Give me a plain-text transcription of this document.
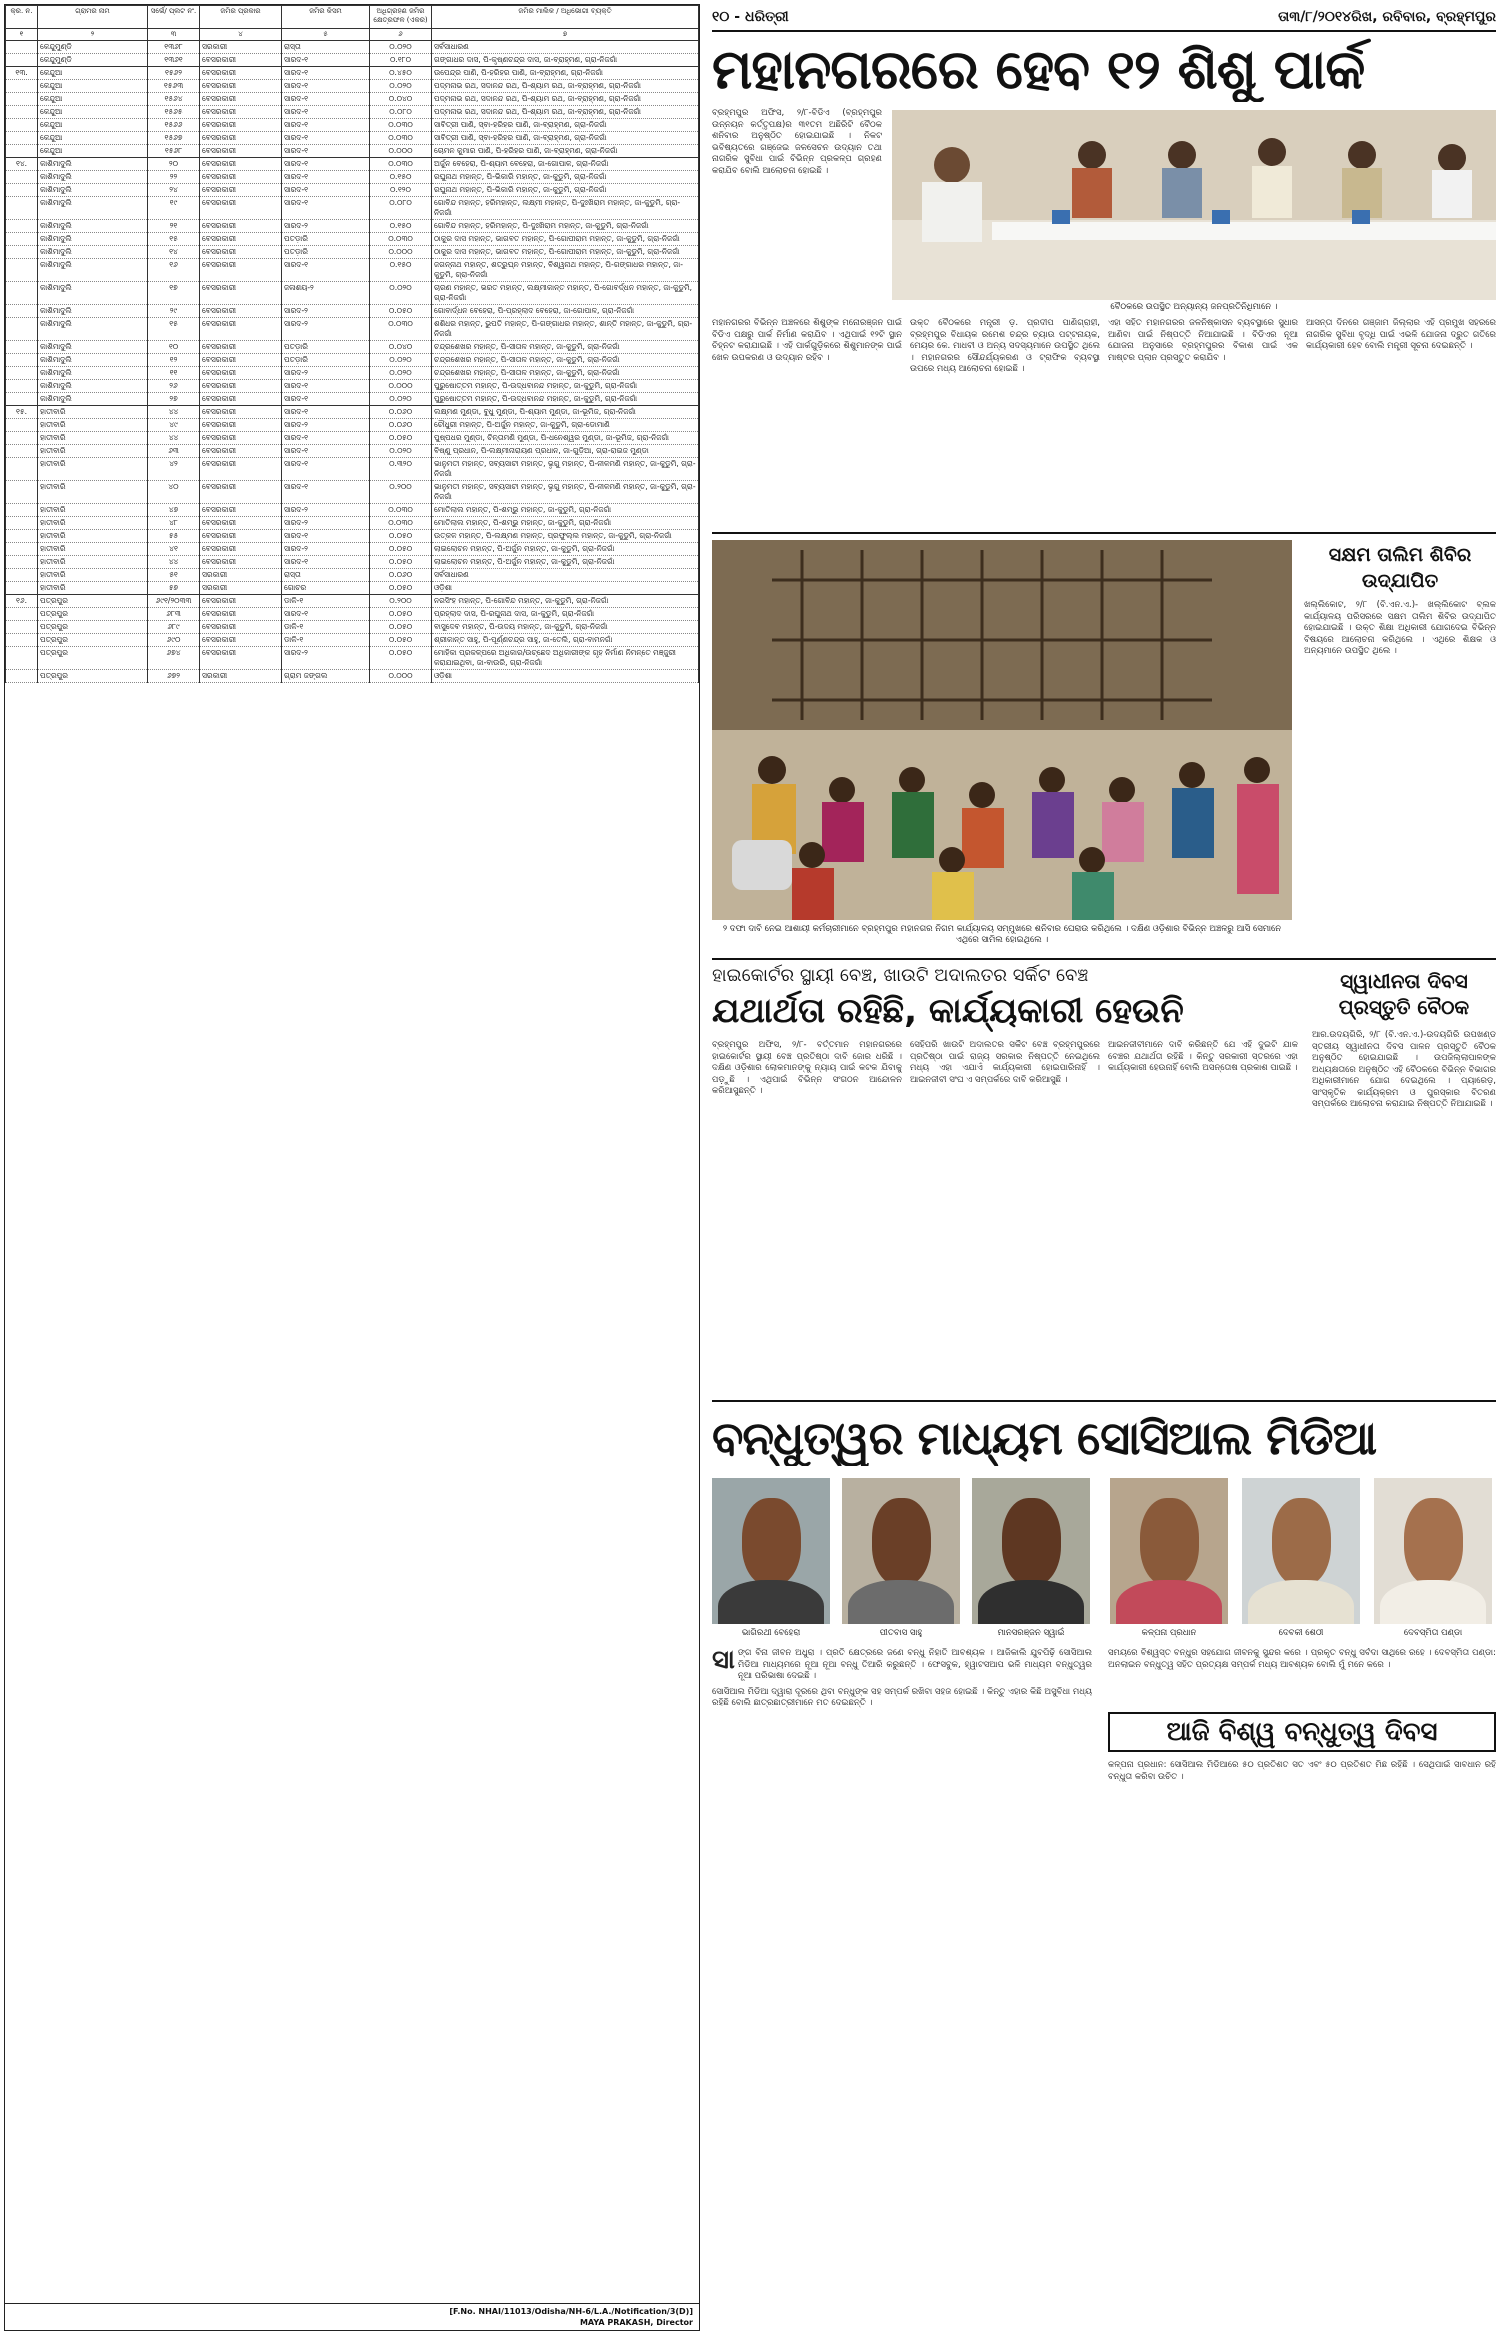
କ୍ର. ନ.	ଗ୍ରାମର ନାମ	ସର୍ଭେ/ ପ୍ଲଟ ନଂ.	ଜମିର ପ୍ରକାର	ଜମିର କିସମ	ଅଧିଗ୍ରହଣ ଜମିର କ୍ଷେତ୍ରଫଳ (ଏକର)	ଜମିର ମାଲିକ / ଅଧିଭୋଗୀ ବ୍ୟକ୍ତି
୧	୨	୩	୪	୫	୬	୭
	କେନ୍ଦୁମୁଣ୍ଡି	୧୩୬୮	ସରକାରୀ	ରାସ୍ତା	୦.୦୨୦	ସର୍ବସାଧାରଣ
	କେନ୍ଦୁମୁଣ୍ଡି	୧୩୬୧	ବେସରକାରୀ	ସାରଦ-୧	୦.୧୮୦	ଗଙ୍ଗାଧର ଦାସ, ପି-କୃଷ୍ଣଚନ୍ଦ୍ର ଦାସ, ଜା-ବ୍ରାହ୍ମଣ, ଗ୍ରା-ନିଜଗାଁ
୧୩.	କେନ୍ଦୁଆ	୧୫୬୨	ବେସରକାରୀ	ସାରଦ-୧	୦.୪୫୦	ଉପେନ୍ଦ୍ର ପାଣି, ପି-ହରିହର ପାଣି, ଜା-ବ୍ରାହ୍ମଣ, ଗ୍ରା-ନିଜଗାଁ
	କେନ୍ଦୁଆ	୧୫୬୩	ବେସରକାରୀ	ସାରଦ-୧	୦.୦୨୦	ପଦ୍ମନାଭ ରଥ, ସଦାନନ୍ଦ ରଥ, ପି-ଶ୍ୟାମ ରଥ, ଜା-ବ୍ରାହ୍ମଣ, ଗ୍ରା-ନିଜଗାଁ
	କେନ୍ଦୁଆ	୧୫୬୪	ବେସରକାରୀ	ସାରଦ-୧	୦.୦୪୦	ପଦ୍ମନାଭ ରଥ, ସଦାନନ୍ଦ ରଥ, ପି-ଶ୍ୟାମ ରଥ, ଜା-ବ୍ରାହ୍ମଣ, ଗ୍ରା-ନିଜଗାଁ
	କେନ୍ଦୁଆ	୧୫୬୫	ବେସରକାରୀ	ସାରଦ-୧	୦.୦୮୦	ପଦ୍ମନାଭ ରଥ, ସଦାନନ୍ଦ ରଥ, ପି-ଶ୍ୟାମ ରଥ, ଜା-ବ୍ରାହ୍ମଣ, ଗ୍ରା-ନିଜଗାଁ
	କେନ୍ଦୁଆ	୧୫୬୬	ବେସରକାରୀ	ସାରଦ-୧	୦.୦୩୦	ସାବିତ୍ରୀ ପାଣି, ସ୍ବା-ହରିହର ପାଣି, ଜା-ବ୍ରାହ୍ମଣ, ଗ୍ରା-ନିଜଗାଁ
	କେନ୍ଦୁଆ	୧୫୬୭	ବେସରକାରୀ	ସାରଦ-୧	୦.୦୩୦	ସାବିତ୍ରୀ ପାଣି, ସ୍ବା-ହରିହର ପାଣି, ଜା-ବ୍ରାହ୍ମଣ, ଗ୍ରା-ନିଜଗାଁ
	କେନ୍ଦୁଆ	୧୫୬୮	ବେସରକାରୀ	ସାରଦ-୧	୦.୦୦୦	ଚୋମନ କୁମାର ପାଣି, ପି-ହରିହର ପାଣି, ଜା-ବ୍ରାହ୍ମଣ, ଗ୍ରା-ନିଜଗାଁ
୧୪.	କାଶିମାଦୁଲି	୨୦	ବେସରକାରୀ	ସାରଦ-୧	୦.୦୩୦	ଅର୍ଜୁନ ବେହେରା, ପି-ଶ୍ୟାମ ବେହେରା, ଜା-ଗୋପାଳ, ଗ୍ରା-ନିଜଗାଁ
	କାଶିମାଦୁଲି	୨୨	ବେସରକାରୀ	ସାରଦ-୧	୦.୧୫୦	ରଘୁନାଥ ମହାନ୍ତ, ପି-ଭିକାରି ମହାନ୍ତ, ଜା-କୁଡୁମି, ଗ୍ରା-ନିଜଗାଁ
	କାଶିମାଦୁଲି	୨୪	ବେସରକାରୀ	ସାରଦ-୧	୦.୧୨୦	ରଘୁନାଥ ମହାନ୍ତ, ପି-ଭିକାରି ମହାନ୍ତ, ଜା-କୁଡୁମି, ଗ୍ରା-ନିଜଗାଁ
	କାଶିମାଦୁଲି	୧୯	ବେସରକାରୀ	ସାରଦ-୧	୦.୦୮୦	ଗୋବିନ୍ଦ ମହାନ୍ତ, ହରିମହାନ୍ତ, ଲକ୍ଷ୍ମୀ ମହାନ୍ତ, ପି-ଦୁଃଖିରାମ ମହାନ୍ତ, ଜା-କୁଡୁମି, ଗ୍ରା-ନିଜଗାଁ
	କାଶିମାଦୁଲି	୨୧	ବେସରକାରୀ	ସାରଦ-୨	୦.୧୫୦	ଗୋବିନ୍ଦ ମହାନ୍ତ, ହରିମହାନ୍ତ, ପି-ଦୁଃଖିରାମ ମହାନ୍ତ, ଜା-କୁଡୁମି, ଗ୍ରା-ନିଜଗାଁ
	କାଶିମାଦୁଲି	୧୫	ବେସରକାରୀ	ପତଡ଼ାରି	୦.୦୩୦	ଠାକୁର ଦାସ ମହାନ୍ତ, ଭାଗବତ ମହାନ୍ତ, ପି-ଗୋପୀରାମ ମହାନ୍ତ, ଜା-କୁଡୁମି, ଗ୍ରା-ନିଜଗାଁ
	କାଶିମାଦୁଲି	୧୪	ବେସରକାରୀ	ପତଡ଼ାରି	୦.୦୦୦	ଠାକୁର ଦାସ ମହାନ୍ତ, ଭାଗବତ ମହାନ୍ତ, ପି-ଗୋପୀରାମ ମହାନ୍ତ, ଜା-କୁଡୁମି, ଗ୍ରା-ନିଜଗାଁ
	କାଶିମାଦୁଲି	୧୬	ବେସରକାରୀ	ସାରଦ-୧	୦.୧୫୦	ଜଗନ୍ନାଥ ମହାନ୍ତ, ଶତ୍ରୁଘ୍ନ ମହାନ୍ତ, ବିଶ୍ୱନାଥ ମହାନ୍ତ, ପି-ଗଙ୍ଗାଧର ମହାନ୍ତ, ଜା-କୁଡୁମି, ଗ୍ରା-ନିଜଗାଁ
	କାଶିମାଦୁଲି	୧୭	ବେସରକାରୀ	ଜଳାଶୟ-୨	୦.୦୨୦	ଚାରଣ ମହାନ୍ତ, ଭରତ ମହାନ୍ତ, ଲକ୍ଷ୍ମୀକାନ୍ତ ମହାନ୍ତ, ପି-ଗୋବର୍ଦ୍ଧନ ମହାନ୍ତ, ଜା-କୁଡୁମି, ଗ୍ରା-ନିଜଗାଁ
	କାଶିମାଦୁଲି	୨୯	ବେସରକାରୀ	ସାରଦ-୨	୦.୦୫୦	ଗୋବାର୍ଦ୍ଧନ ବେହେରା, ପି-ପ୍ରହ୍ଲାଦ ବେହେରା, ଜା-ଗୋପାଳ, ଗ୍ରା-ନିଜଗାଁ
	କାଶିମାଦୁଲି	୧୫	ବେସରକାରୀ	ସାରଦ-୨	୦.୦୩୦	ଶଶିଧର ମହାନ୍ତ, ଭୁପତି ମହାନ୍ତ, ପି-ଗଙ୍ଗାଧର ମହାନ୍ତ, ଶାନ୍ତି ମହାନ୍ତ, ଜା-କୁଡୁମି, ଗ୍ରା-ନିଜଗାଁ
	କାଶିମାଦୁଲି	୧୦	ବେସରକାରୀ	ପତଡ଼ାରି	୦.୦୪୦	ଚନ୍ଦ୍ରଶେଖର ମହାନ୍ତ, ପି-ସୀତାଳ ମହାନ୍ତ, ଜା-କୁଡୁମି, ଗ୍ରା-ନିଜଗାଁ
	କାଶିମାଦୁଲି	୧୨	ବେସରକାରୀ	ପତଡ଼ାରି	୦.୦୨୦	ଚନ୍ଦ୍ରଶେଖର ମହାନ୍ତ, ପି-ସୀତାଳ ମହାନ୍ତ, ଜା-କୁଡୁମି, ଗ୍ରା-ନିଜଗାଁ
	କାଶିମାଦୁଲି	୧୧	ବେସରକାରୀ	ସାରଦ-୨	୦.୦୨୦	ଚନ୍ଦ୍ରଶେଖର ମହାନ୍ତ, ପି-ସୀତାଳ ମହାନ୍ତ, ଜା-କୁଡୁମି, ଗ୍ରା-ନିଜଗାଁ
	କାଶିମାଦୁଲି	୨୬	ବେସରକାରୀ	ସାରଦ-୧	୦.୦୦୦	ପୁରୁଷୋତ୍ତମ ମହାନ୍ତ, ପି-ଉଦ୍ଧବାନନ୍ଦ ମହାନ୍ତ, ଜା-କୁଡୁମି, ଗ୍ରା-ନିଜଗାଁ
	କାଶିମାଦୁଲି	୨୭	ବେସରକାରୀ	ସାରଦ-୧	୦.୦୨୦	ପୁରୁଷୋତ୍ତମ ମହାନ୍ତ, ପି-ଉଦ୍ଧବାନନ୍ଦ ମହାନ୍ତ, ଜା-କୁଡୁମି, ଗ୍ରା-ନିଜଗାଁ
୧୫.	ହାତୀବାରି	୪୪	ବେସରକାରୀ	ସାରଦ-୧	୦.୦୬୦	ଲକ୍ଷ୍ମଣ ମୁଣ୍ଡା, ବୁଧୁ ମୁଣ୍ଡା, ପି-ଶ୍ୟାମ ମୁଣ୍ଡା, ଜା-ଭୂମିଜ, ଗ୍ରା-ନିଜଗାଁ
	ହାତୀବାରି	୪୯	ବେସରକାରୀ	ସାରଦ-୨	୦.୦୬୦	ଚୌଧୁରୀ ମହାନ୍ତ, ପି-ଅର୍ଜୁନ ମହାନ୍ତ, ଜା-କୁଡୁମି, ଗ୍ରା-ଡୋମାଣି
	ହାତୀବାରି	୪୪	ବେସରକାରୀ	ସାରଦ-୧	୦.୦୫୦	ପୁଷ୍ପଧର ମୁଣ୍ଡା, ଚିନ୍ତାମଣି ମୁଣ୍ଡା, ପି-ଧନେଶ୍ୱର ମୁଣ୍ଡା, ଜା-ଭୂମିଜ, ଗ୍ରା-ନିଜଗାଁ
	ହାତୀବାରି	୬୩	ବେସରକାରୀ	ସାରଦ-୧	୦.୦୨୦	ବିଷ୍ଣୁ ପ୍ରଧାନ, ପି-ଲକ୍ଷ୍ମୀନାରାୟଣ ପ୍ରଧାନ, ଜା-ଗୁଡ଼ିଆ, ଗ୍ରା-ରାଇଜ ମୁଣ୍ଡା
	ହାତୀବାରି	୪୨	ବେସରକାରୀ	ସାରଦ-୧	୦.୩୨୦	ଭାନୁମତୀ ମହାନ୍ତ, ସବ୍ୟସାଚୀ ମହାନ୍ତ, ଭୃଗୁ ମହାନ୍ତ, ପି-ନୀଳମଣି ମହାନ୍ତ, ଜା-କୁଡୁମି, ଗ୍ରା-ନିଜଗାଁ
	ହାତୀବାରି	୪୦	ବେସରକାରୀ	ସାରଦ-୧	୦.୨୦୦	ଭାନୁମତୀ ମହାନ୍ତ, ସବ୍ୟସାଚୀ ମହାନ୍ତ, ଭୃଗୁ ମହାନ୍ତ, ପି-ନୀଳମଣି ମହାନ୍ତ, ଜା-କୁଡୁମି, ଗ୍ରା-ନିଜଗାଁ
	ହାତୀବାରି	୪୭	ବେସରକାରୀ	ସାରଦ-୨	୦.୦୩୦	ମୋତିଲାଲ ମହାନ୍ତ, ପି-ଶମ୍ଭୁ ମହାନ୍ତ, ଜା-କୁଡୁମି, ଗ୍ରା-ନିଜଗାଁ
	ହାତୀବାରି	୪୮	ବେସରକାରୀ	ସାରଦ-୨	୦.୦୩୦	ମୋତିଲାଲ ମହାନ୍ତ, ପି-ଶମ୍ଭୁ ମହାନ୍ତ, ଜା-କୁଡୁମି, ଗ୍ରା-ନିଜଗାଁ
	ହାତୀବାରି	୫୫	ବେସରକାରୀ	ସାରଦ-୧	୦.୦୫୦	ଉତ୍କଳ ମହାନ୍ତ, ପି-ଲକ୍ଷ୍ମଣ ମହାନ୍ତ, ପ୍ରଫୁଲ୍ଲ ମହାନ୍ତ, ଜା-କୁଡୁମି, ଗ୍ରା-ନିଜଗାଁ
	ହାତୀବାରି	୪୧	ବେସରକାରୀ	ସାରଦ-୨	୦.୦୫୦	ଲାଇଲୋଚନ ମହାନ୍ତ, ପି-ଅର୍ଜୁନ ମହାନ୍ତ, ଜା-କୁଡୁମି, ଗ୍ରା-ନିଜଗାଁ
	ହାତୀବାରି	୪୪	ବେସରକାରୀ	ସାରଦ-୧	୦.୦୫୦	ଲାଇଲୋଚନ ମହାନ୍ତ, ପି-ଅର୍ଜୁନ ମହାନ୍ତ, ଜା-କୁଡୁମି, ଗ୍ରା-ନିଜଗାଁ
	ହାତୀବାରି	୫୧	ସରକାରୀ	ରାସ୍ତା	୦.୦୬୦	ସର୍ବସାଧାରଣ
	ହାତୀବାରି	୫୭	ସରକାରୀ	ଗୋଚର	୦.୦୫୦	ଓଡ଼ିଶା
୧୬.	ପତ୍ରପୁର	୬୯୧/୨୦୩୩	ବେସରକାରୀ	ଡାଳି-୧	୦.୨୦୦	ନରସିଂହ ମହାନ୍ତ, ପି-ଗୋବିନ୍ଦ ମହାନ୍ତ, ଜା-କୁଡୁମି, ଗ୍ରା-ନିଜଗାଁ
	ପତ୍ରପୁର	୬୮୩	ବେସରକାରୀ	ସାରଦ-୧	୦.୦୫୦	ପ୍ରହ୍ଲାଦ ଦାସ, ପି-ରଘୁନାଥ ଦାସ, ଜା-କୁଡୁମି, ଗ୍ରା-ନିଜଗାଁ
	ପତ୍ରପୁର	୬୮୯	ବେସରକାରୀ	ଡାଳି-୧	୦.୦୫୦	ବାସୁଦେବ ମହାନ୍ତ, ପି-ଉଦୟ ମହାନ୍ତ, ଜା-କୁଡୁମି, ଗ୍ରା-ନିଜଗାଁ
	ପତ୍ରପୁର	୬୯୦	ବେସରକାରୀ	ଡାଳି-୧	୦.୦୫୦	ଶ୍ରୀକାନ୍ତ ସାହୁ, ପି-ପୂର୍ଣ୍ଣଚନ୍ଦ୍ର ସାହୁ, ଜା-ତେଲି, ଗ୍ରା-ବାମନଗାଁ
	ପତ୍ରପୁର	୬୭୪	ବେସରକାରୀ	ସାରଦ-୨	୦.୦୫୦	ମୋହିକା ପ୍ରକଳ୍ପରେ ଅଧିକାର/ଉଚ୍ଛେଦ ଅଧିକାରୀଙ୍କ ଗୃହ ନିର୍ମାଣ ନିମନ୍ତେ ମଞ୍ଜୁରୀ କରାଯାଇଥିବା, ଜା-ବାଉରି, ଗ୍ରା-ନିଜଗାଁ
	ପତ୍ରପୁର	୬୭୨	ସରକାରୀ	ଗ୍ରାମ ଜଙ୍ଗଲ	୦.୦୦୦	ଓଡ଼ିଶା
[F.No. NHAI/11013/Odisha/NH-6/L.A./Notification/3(D)]
MAYA PRAKASH, Director
୧୦ - ଧରିତ୍ରୀ	ତା୩/୮/୨୦୧୪ରିଖ, ରବିବାର, ବ୍ରହ୍ମପୁର
ମହାନଗରରେ ହେବ ୧୨ ଶିଶୁ ପାର୍କ
ବ୍ରହ୍ମପୁର ଅଫିସ, ୨/୮-ବିଡିଏ (ବ୍ରହ୍ମପୁର ଉନ୍ନୟନ କର୍ତ୍ତୃପକ୍ଷ)ର ୩୧ତମ ଅଛିରିଟି ବୈଠକ ଶନିବାର ଅନୁଷ୍ଠିତ ହୋଇଯାଇଛି । ନିକଟ ଭବିଷ୍ୟତରେ ଗଞ୍ଜେଇ ଜଳସେଚନ ଉଦ୍ୟାନ ତଥା ନାଗରିକ ସୁବିଧା ପାଇଁ ବିଭିନ୍ନ ପ୍ରକଳ୍ପ ଗ୍ରହଣ କରାଯିବ ବୋଲି ଆଲୋଚନା ହୋଇଛି ।
ବୈଠକରେ ଉପସ୍ଥିତ ଅନ୍ୟାନ୍ୟ ଜନପ୍ରତିନିଧିମାନେ ।
ମହାନଗରର ବିଭିନ୍ନ ଅଞ୍ଚଳରେ ଶିଶୁଙ୍କ ମନୋରଞ୍ଜନ ପାଇଁ ବିଡିଏ ପକ୍ଷରୁ ପାର୍କ ନିର୍ମାଣ କରାଯିବ । ଏଥିପାଇଁ ୧୨ଟି ସ୍ଥାନ ଚିହ୍ନଟ କରାଯାଇଛି । ଏହି ପାର୍କଗୁଡ଼ିକରେ ଶିଶୁମାନଙ୍କ ପାଇଁ ଖେଳ ଉପକରଣ ଓ ଉଦ୍ୟାନ ରହିବ ।
ଉକ୍ତ ବୈଠକରେ ମନ୍ତ୍ରୀ ଡ଼. ପ୍ରଦୀପ ପାଣିଗ୍ରାହୀ, ବ୍ରହ୍ମପୁର ବିଧାୟକ ରମେଶ ଚନ୍ଦ୍ର ଚ୍ୟାଉ ପଟ୍ଟନାୟକ, ମେୟର କେ. ମାଧବୀ ଓ ଅନ୍ୟ ସଦସ୍ୟମାନେ ଉପସ୍ଥିତ ଥିଲେ । ମହାନଗରର ସୌନ୍ଦର୍ଯ୍ୟକରଣ ଓ ଟ୍ରାଫିକ ବ୍ୟବସ୍ଥା ଉପରେ ମଧ୍ୟ ଆଲୋଚନା ହୋଇଛି ।
ଏହା ସହିତ ମହାନଗରର ଜଳନିଷ୍କାସନ ବ୍ୟବସ୍ଥାରେ ସୁଧାର ଆଣିବା ପାଇଁ ନିଷ୍ପତ୍ତି ନିଆଯାଇଛି । ବିଡିଏର ନୂଆ ଯୋଜନା ଅନୁସାରେ ବ୍ରହ୍ମପୁରର ବିକାଶ ପାଇଁ ଏକ ମାଷ୍ଟର ପ୍ଲାନ ପ୍ରସ୍ତୁତ କରାଯିବ ।
ଆସନ୍ତା ଦିନରେ ଗଞ୍ଜାମ ଜିଲ୍ଲାର ଏହି ପ୍ରମୁଖ ସହରରେ ନାଗରିକ ସୁବିଧା ବୃଦ୍ଧି ପାଇଁ ଏଭଳି ଯୋଜନା ଦ୍ରୁତ ଗତିରେ କାର୍ଯ୍ୟକାରୀ ହେବ ବୋଲି ମନ୍ତ୍ରୀ ସୂଚନା ଦେଇଛନ୍ତି ।
୨ ଦଫା ଦାବି ନେଇ ଆଶାୟୀ କର୍ମଚାରୀମାନେ ବ୍ରହ୍ମପୁର ମହାନଗର ନିଗମ କାର୍ଯ୍ୟାଳୟ ସମ୍ମୁଖରେ ଶନିବାର ଘେରାଉ କରିଥିଲେ । ଦକ୍ଷିଣ ଓଡ଼ିଶାର ବିଭିନ୍ନ ଅଞ୍ଚଳରୁ ଆସି ସେମାନେ ଏଥିରେ ସାମିଲ ହୋଇଥିଲେ ।
ସକ୍ଷମ ତାଲିମ ଶିବିର ଉଦ୍‌ଯାପିତ
ଖଲ୍ଲିକୋଟ, ୨/୮ (ବି.ଏନ.ଏ.)- ଖଲ୍ଲିକୋଟ ବ୍ଲକ କାର୍ଯ୍ୟାଳୟ ପରିସରରେ ସକ୍ଷମ ତାଲିମ ଶିବିର ଉଦ୍‌ଯାପିତ ହୋଇଯାଇଛି । ଉକ୍ତ ଶିକ୍ଷା ଅଧିକାରୀ ଯୋଗଦେଇ ବିଭିନ୍ନ ବିଷୟରେ ଆଲୋଚନା କରିଥିଲେ । ଏଥିରେ ଶିକ୍ଷକ ଓ ଅନ୍ୟମାନେ ଉପସ୍ଥିତ ଥିଲେ ।
ହାଇକୋର୍ଟର ସ୍ଥାୟୀ ବେଞ୍ଚ, ଖାଉଟି ଅଦାଲତର ସର୍କିଟ ବେଞ୍ଚ
ଯଥାର୍ଥତା ରହିଛି, କାର୍ଯ୍ୟକାରୀ ହେଉନି
ବ୍ରହ୍ମପୁର ଅଫିସ, ୨/୮- ବର୍ତ୍ତମାନ ମହାନଗରରେ ହାଇକୋର୍ଟର ସ୍ଥାୟୀ ବେଞ୍ଚ ପ୍ରତିଷ୍ଠା ଦାବି ଜୋର ଧରିଛି । ଦକ୍ଷିଣ ଓଡ଼ିଶାର ଲୋକମାନଙ୍କୁ ନ୍ୟାୟ ପାଇଁ କଟକ ଯିବାକୁ ପଡ଼ୁଛି । ଏଥିପାଇଁ ବିଭିନ୍ନ ସଂଗଠନ ଆନ୍ଦୋଳନ କରିଆସୁଛନ୍ତି ।
ସେହିପରି ଖାଉଟି ଅଦାଲତର ସର୍କିଟ ବେଞ୍ଚ ବ୍ରହ୍ମପୁରରେ ପ୍ରତିଷ୍ଠା ପାଇଁ ରାଜ୍ୟ ସରକାର ନିଷ୍ପତ୍ତି ନେଇଥିଲେ ମଧ୍ୟ ଏହା ଏଯାଏଁ କାର୍ଯ୍ୟକାରୀ ହୋଇପାରିନାହିଁ । ଆଇନଜୀବୀ ସଂଘ ଏ ସମ୍ପର୍କରେ ଦାବି କରିଆସୁଛି ।
ଆଇନଜୀବୀମାନେ ଦାବି କରିଛନ୍ତି ଯେ ଏହି ଦୁଇଟି ଯାକ ବେଞ୍ଚର ଯଥାର୍ଥତା ରହିଛି । କିନ୍ତୁ ସରକାରୀ ସ୍ତରରେ ଏହା କାର୍ଯ୍ୟକାରୀ ହେଉନାହିଁ ବୋଲି ଅସନ୍ତୋଷ ପ୍ରକାଶ ପାଇଛି ।
ସ୍ୱାଧୀନତା ଦିବସ ପ୍ରସ୍ତୁତି ବୈଠକ
ଆର.ଉଦୟଗିରି, ୨/୮ (ବି.ଏନ.ଏ.)-ଉଦୟଗିରି ଉପଖଣ୍ଡ ସ୍ତରୀୟ ସ୍ୱାଧୀନତା ଦିବସ ପାଳନ ପ୍ରସ୍ତୁତି ବୈଠକ ଅନୁଷ୍ଠିତ ହୋଇଯାଇଛି । ଉପଜିଲ୍ଲାପାଳଙ୍କ ଅଧ୍ୟକ୍ଷତାରେ ଅନୁଷ୍ଠିତ ଏହି ବୈଠକରେ ବିଭିନ୍ନ ବିଭାଗର ଅଧିକାରୀମାନେ ଯୋଗ ଦେଇଥିଲେ । ପ୍ୟାରେଡ଼, ସାଂସ୍କୃତିକ କାର୍ଯ୍ୟକ୍ରମ ଓ ପୁରସ୍କାର ବିତରଣ ସମ୍ପର୍କରେ ଆଲୋଚନା କରାଯାଇ ନିଷ୍ପତ୍ତି ନିଆଯାଇଛି ।
ବନ୍ଧୁତ୍ୱର ମାଧ୍ୟମ ସୋସିଆଲ ମିଡିଆ
ଭାଗିରଥୀ ବେହେରା	ପୀତବାସ ସାହୁ	ମାନସରଞ୍ଜନ ସ୍ୱାଇଁ	କଳ୍ପନା ପ୍ରଧାନ	ଦେବକୀ ଶେଠୀ	ଦେବସ୍ମିତା ପଣ୍ଡା
ସାଙ୍ଗ ବିନା ଜୀବନ ଅଧୁରା । ପ୍ରତି କ୍ଷେତ୍ରରେ ଜଣେ ବନ୍ଧୁ ନିହାତି ଆବଶ୍ୟକ । ଆଜିକାଲି ଯୁବପିଢ଼ି ସୋସିଆଲ ମିଡିଆ ମାଧ୍ୟମରେ ନୂଆ ନୂଆ ବନ୍ଧୁ ତିଆରି କରୁଛନ୍ତି । ଫେସବୁକ, ହ୍ୱାଟସଆପ ଭଳି ମାଧ୍ୟମ ବନ୍ଧୁତ୍ୱର ନୂଆ ପରିଭାଷା ଦେଇଛି ।

ସୋସିଆଲ ମିଡିଆ ଦ୍ୱାରା ଦୂରରେ ଥିବା ବନ୍ଧୁଙ୍କ ସହ ସମ୍ପର୍କ ରଖିବା ସହଜ ହୋଇଛି । କିନ୍ତୁ ଏହାର କିଛି ଅସୁବିଧା ମଧ୍ୟ ରହିଛି ବୋଲି ଛାତ୍ରଛାତ୍ରୀମାନେ ମତ ଦେଇଛନ୍ତି ।

ଆଜି ବିଶ୍ୱ ବନ୍ଧୁତ୍ୱ ଦିବସ
ସମୟରେ ବିଶ୍ୱସ୍ତ ବନ୍ଧୁର ସହଯୋଗ ଜୀବନକୁ ସୁନ୍ଦର କରେ । ପ୍ରକୃତ ବନ୍ଧୁ ସର୍ବଦା ସାଥିରେ ରହେ । ଦେବସ୍ମିତା ପଣ୍ଡା: ଅନଲାଇନ ବନ୍ଧୁତ୍ୱ ସହିତ ପ୍ରତ୍ୟକ୍ଷ ସମ୍ପର୍କ ମଧ୍ୟ ଆବଶ୍ୟକ ବୋଲି ମୁଁ ମନେ କରେ ।
କଳ୍ପନା ପ୍ରଧାନ: ସୋସିଆଲ ମିଡିଆରେ ୫୦ ପ୍ରତିଶତ ସତ ଏବଂ ୫୦ ପ୍ରତିଶତ ମିଛ ରହିଛି । ସେଥିପାଇଁ ସାବଧାନ ରହି ବନ୍ଧୁତା କରିବା ଉଚିତ ।
